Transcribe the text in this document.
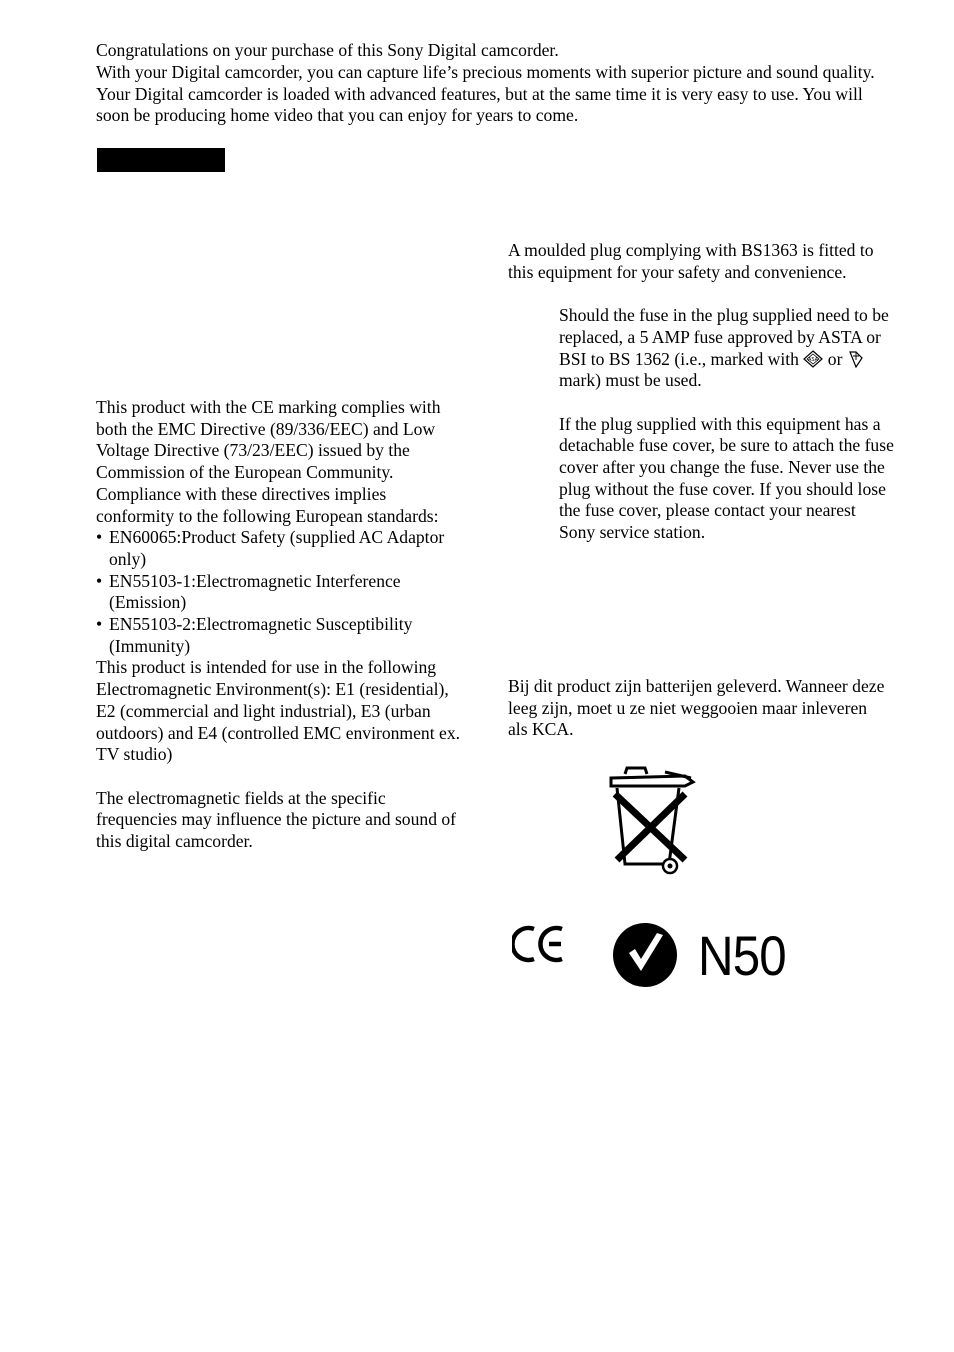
Congratulations on your purchase of this Sony Digital camcorder.

With your Digital camcorder, you can capture life’s precious moments with superior picture and sound quality. Your Digital camcorder is loaded with advanced features, but at the same time it is very easy to use. You will soon be producing home video that you can enjoy for years to come.

This product with the CE marking complies with both the EMC Directive (89/336/EEC) and Low Voltage Directive (73/23/EEC) issued by the Commission of the European Community.

Compliance with these directives implies conformity to the following European standards:

• EN60065:Product Safety (supplied AC Adaptor only)
• EN55103-1:Electromagnetic Interference (Emission)
• EN55103-2:Electromagnetic Susceptibility (Immunity)

This product is intended for use in the following Electromagnetic Environment(s): E1 (residential), E2 (commercial and light industrial), E3 (urban outdoors) and E4 (controlled EMC environment ex. TV studio)

The electromagnetic fields at the specific frequencies may influence the picture and sound of this digital camcorder.

A moulded plug complying with BS1363 is fitted to this equipment for your safety and convenience.

Should the fuse in the plug supplied need to be replaced, a 5 AMP fuse approved by ASTA or BSI to BS 1362 (i.e., marked with ASA or  mark) must be used.

If the plug supplied with this equipment has a detachable fuse cover, be sure to attach the fuse cover after you change the fuse. Never use the plug without the fuse cover. If you should lose the fuse cover, please contact your nearest Sony service station.

Bij dit product zijn batterijen geleverd. Wanneer deze leeg zijn, moet u ze niet weggooien maar inleveren als KCA.

N50
